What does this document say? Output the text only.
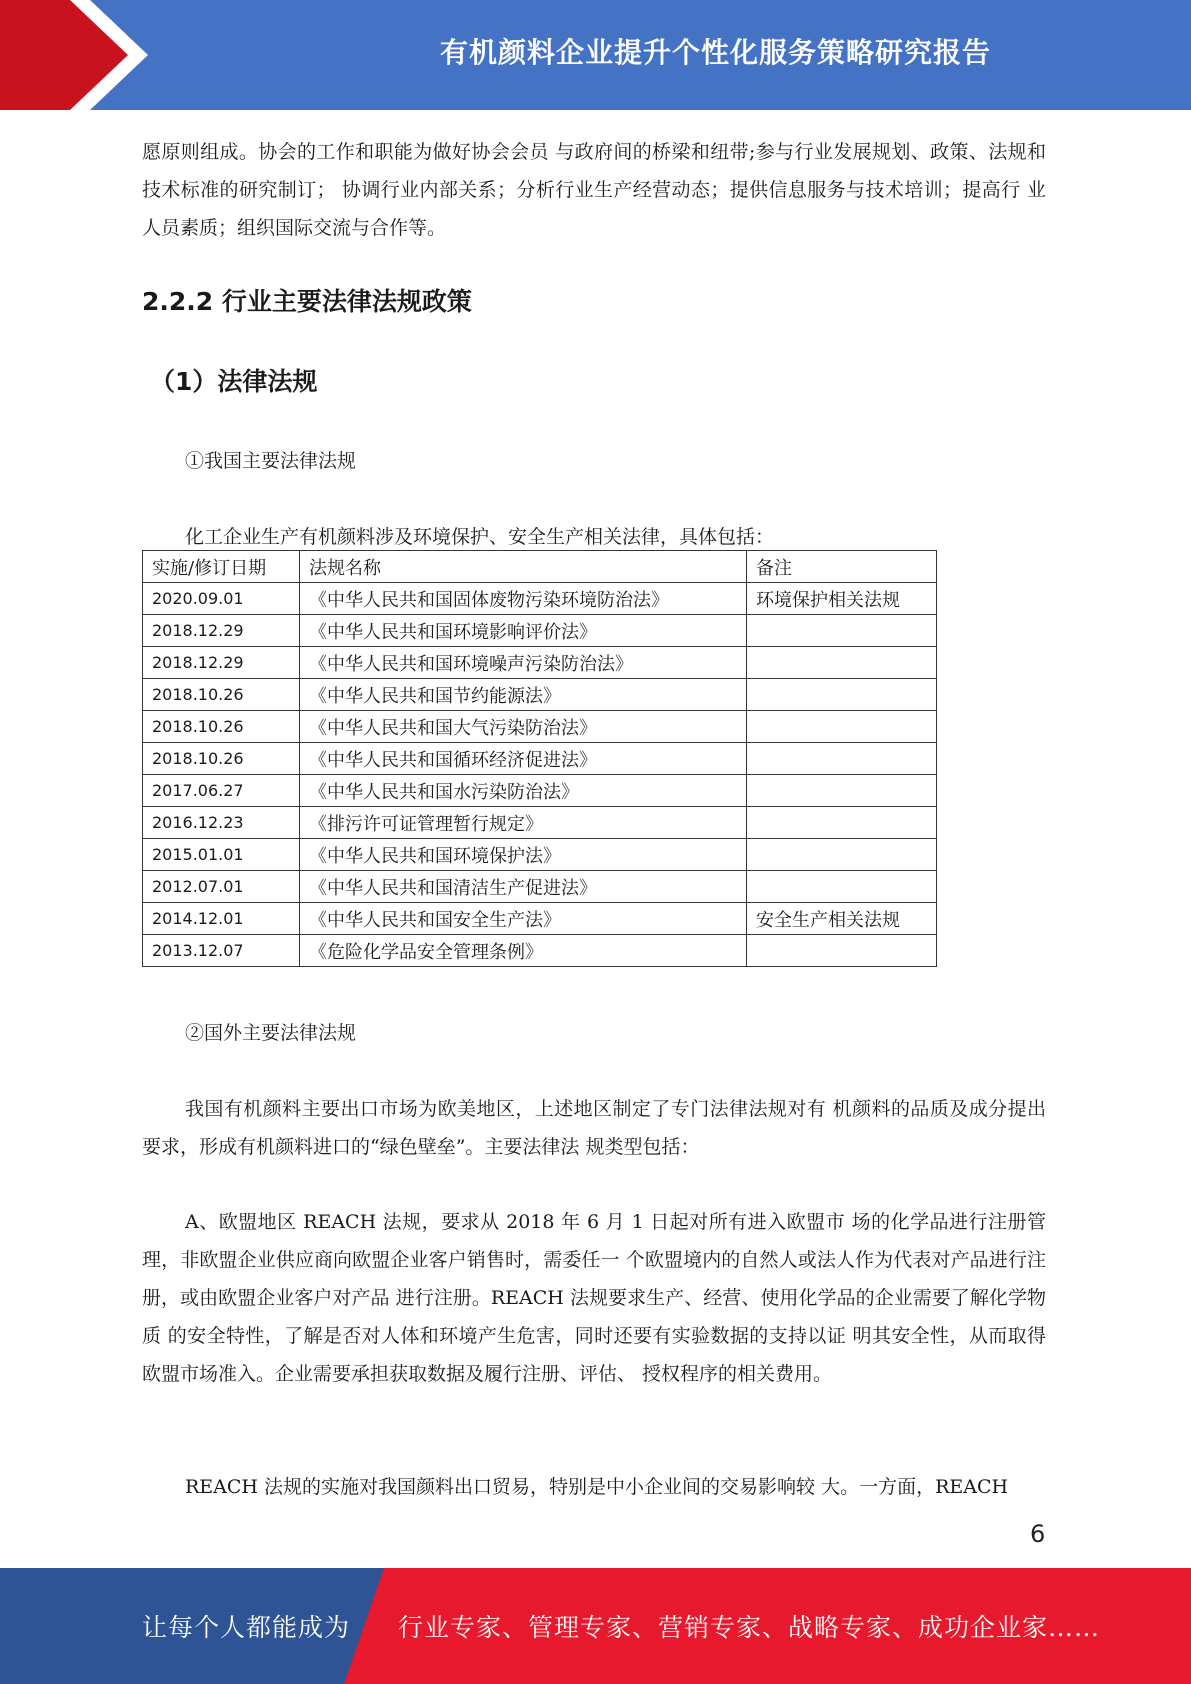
有机颜料企业提升个性化服务策略研究报告

愿原则组成。协会的工作和职能为做好协会会员 与政府间的桥梁和纽带;参与行业发展规划、政策、法规和技术标准的研究制订； 协调行业内部关系；分析行业生产经营动态；提供信息服务与技术培训；提高行 业人员素质；组织国际交流与合作等。

2.2.2 行业主要法律法规政策
（1）法律法规
①我国主要法律法规
化工企业生产有机颜料涉及环境保护、安全生产相关法律，具体包括：
实施/修订日期	法规名称	备注
2020.09.01	《中华人民共和国固体废物污染环境防治法》	环境保护相关法规
2018.12.29	《中华人民共和国环境影响评价法》	
2018.12.29	《中华人民共和国环境噪声污染防治法》	
2018.10.26	《中华人民共和国节约能源法》	
2018.10.26	《中华人民共和国大气污染防治法》	
2018.10.26	《中华人民共和国循环经济促进法》	
2017.06.27	《中华人民共和国水污染防治法》	
2016.12.23	《排污许可证管理暂行规定》	
2015.01.01	《中华人民共和国环境保护法》	
2012.07.01	《中华人民共和国清洁生产促进法》	
2014.12.01	《中华人民共和国安全生产法》	安全生产相关法规
2013.12.07	《危险化学品安全管理条例》	
②国外主要法律法规

我国有机颜料主要出口市场为欧美地区，上述地区制定了专门法律法规对有 机颜料的品质及成分提出要求，形成有机颜料进口的“绿色壁垒”。主要法律法 规类型包括：

A、欧盟地区 REACH 法规，要求从 2018 年 6 月 1 日起对所有进入欧盟市 场的化学品进行注册管理，非欧盟企业供应商向欧盟企业客户销售时，需委任一 个欧盟境内的自然人或法人作为代表对产品进行注册，或由欧盟企业客户对产品 进行注册。REACH 法规要求生产、经营、使用化学品的企业需要了解化学物质 的安全特性，了解是否对人体和环境产生危害，同时还要有实验数据的支持以证 明其安全性，从而取得欧盟市场准入。企业需要承担获取数据及履行注册、评估、 授权程序的相关费用。

REACH 法规的实施对我国颜料出口贸易，特别是中小企业间的交易影响较 大。一方面，REACH

6
让每个人都能成为 行业专家、管理专家、营销专家、战略专家、成功企业家……
